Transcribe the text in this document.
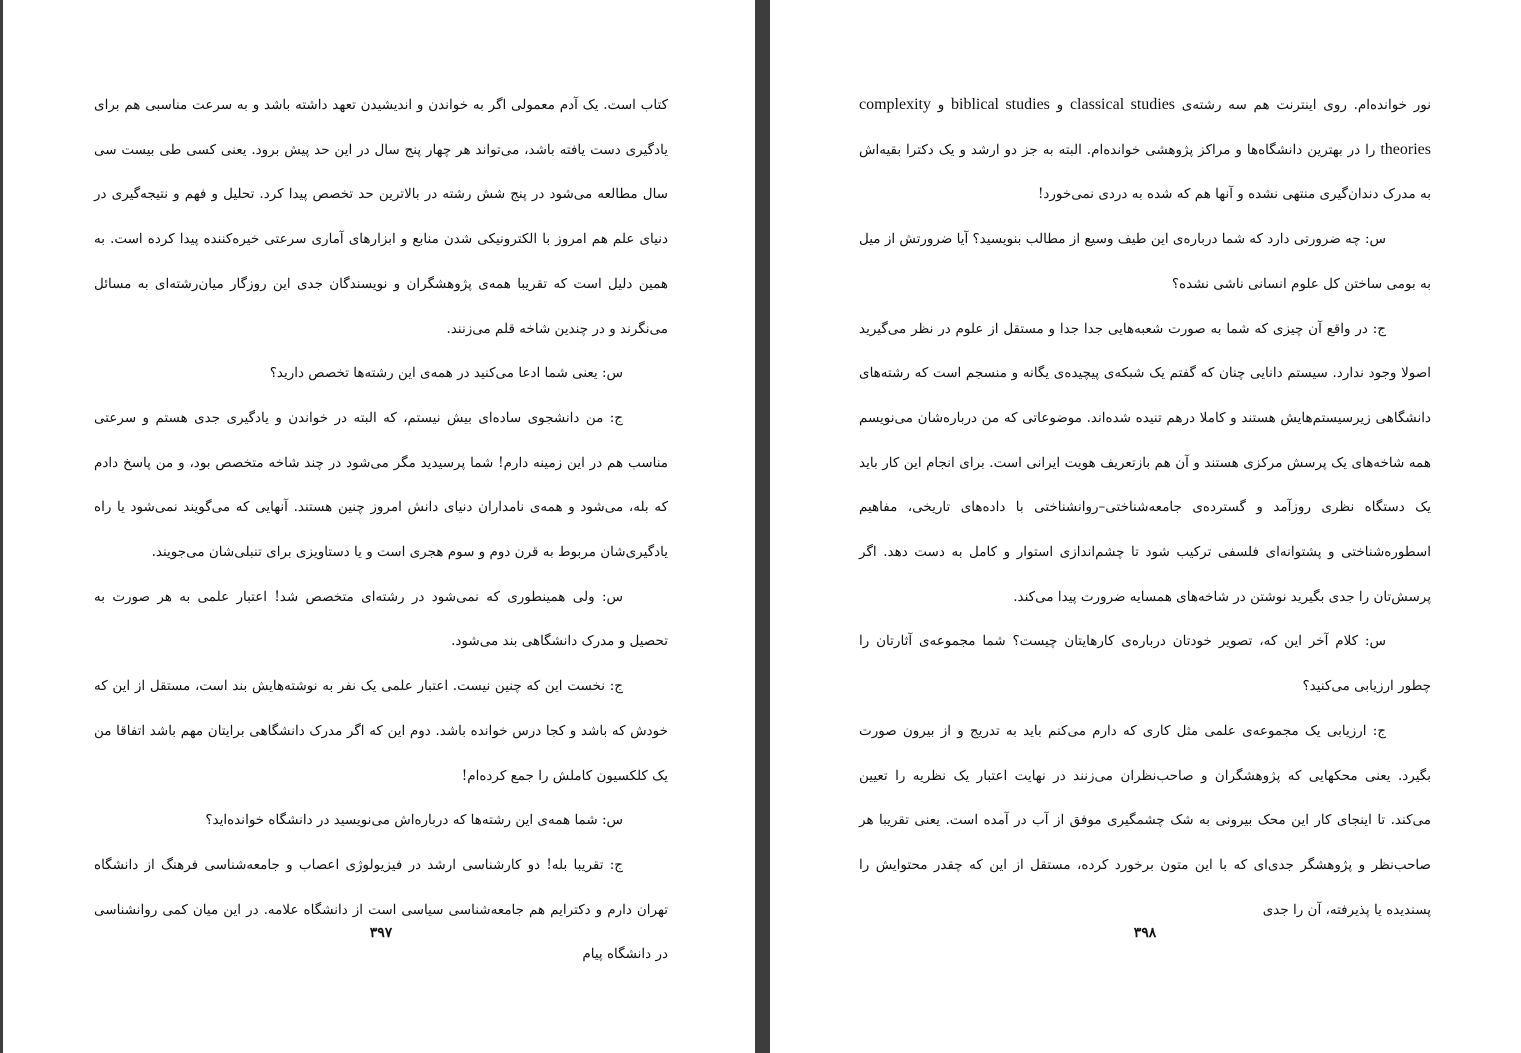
کتاب است. یک آدم معمولی اگر به خواندن و اندیشیدن تعهد داشته باشد و به سرعت مناسبی هم برای یادگیری دست یافته باشد، می‌تواند هر چهار پنج سال در این حد پیش برود. یعنی کسی طی بیست سی سال مطالعه می‌شود در پنج شش رشته در بالاترین حد تخصص پیدا کرد. تحلیل و فهم و نتیجه‌گیری در دنیای علم هم امروز با الکترونیکی شدن منابع و ابزارهای آماری سرعتی خیره‌کننده پیدا کرده است. به همین دلیل است که تقریبا همه‌ی پژوهشگران و نویسندگان جدی این روزگار میان‌رشته‌ای به مسائل می‌نگرند و در چندین شاخه قلم می‌زنند.

س: یعنی شما ادعا می‌کنید در همه‌ی این رشته‌ها تخصص دارید؟

ج: من دانشجوی ساده‌ای بیش نیستم، که البته در خواندن و یادگیری جدی هستم و سرعتی مناسب هم در این زمینه دارم! شما پرسیدید مگر می‌شود در چند شاخه متخصص بود، و من پاسخ دادم که بله، می‌شود و همه‌ی نامداران دنیای دانش امروز چنین هستند. آنهایی که می‌گویند نمی‌شود یا راه یادگیری‌شان مربوط به قرن دوم و سوم هجری است و یا دستاویزی برای تنبلی‌شان می‌جویند.

س: ولی همینطوری که نمی‌شود در رشته‌ای متخصص شد! اعتبار علمی به هر صورت به تحصیل و مدرک دانشگاهی بند می‌شود.

ج: نخست این که چنین نیست. اعتبار علمی یک نفر به نوشته‌هایش بند است، مستقل از این که خودش که باشد و کجا درس خوانده باشد. دوم این که اگر مدرک دانشگاهی برایتان مهم باشد اتفاقا من یک کلکسیون کاملش را جمع کرده‌ام!

س: شما همه‌ی این رشته‌ها که درباره‌اش می‌نویسید در دانشگاه خوانده‌اید؟

ج: تقریبا بله! دو کارشناسی ارشد در فیزیولوژی اعصاب و جامعه‌شناسی فرهنگ از دانشگاه تهران دارم و دکترایم هم جامعه‌شناسی سیاسی است از دانشگاه علامه. در این میان کمی روانشناسی در دانشگاه پیام

۳۹۷

نور خوانده‌ام. روی اینترنت هم سه رشته‌ی classical studies و biblical studies و complexity theories را در بهترین دانشگاه‌ها و مراکز پژوهشی خوانده‌ام. البته به جز دو ارشد و یک دکترا بقیه‌اش به مدرک دندان‌گیری منتهی نشده و آنها هم که شده به دردی نمی‌خورد!

س: چه ضرورتی دارد که شما درباره‌ی این طیف وسیع از مطالب بنویسید؟ آیا ضرورتش از میل به بومی ساختن کل علوم انسانی ناشی نشده؟

ج: در واقع آن چیزی که شما به صورت شعبه‌هایی جدا جدا و مستقل از علوم در نظر می‌گیرید اصولا وجود ندارد. سیستم دانایی چنان که گفتم یک شبکه‌ی پیچیده‌ی یگانه و منسجم است که رشته‌های دانشگاهی زیرسیستم‌هایش هستند و کاملا درهم تنیده شده‌اند. موضوعاتی که من درباره‌شان می‌نویسم همه شاخه‌های یک پرسش مرکزی هستند و آن هم بازتعریف هویت ایرانی است. برای انجام این کار باید یک دستگاه نظری روزآمد و گسترده‌ی جامعه‌شناختی–روانشناختی با داده‌های تاریخی، مفاهیم اسطوره‌شناختی و پشتوانه‌ای فلسفی ترکیب شود تا چشم‌اندازی استوار و کامل به دست دهد. اگر پرسش‌تان را جدی بگیرید نوشتن در شاخه‌های همسایه ضرورت پیدا می‌کند.

س: کلام آخر این که، تصویر خودتان درباره‌ی کارهایتان چیست؟ شما مجموعه‌ی آثارتان را چطور ارزیابی می‌کنید؟

ج: ارزیابی یک مجموعه‌ی علمی مثل کاری که دارم می‌کنم باید به تدریج و از بیرون صورت بگیرد. یعنی محکهایی که پژوهشگران و صاحب‌نظران می‌زنند در نهایت اعتبار یک نظریه را تعیین می‌کند. تا اینجای کار این محک بیرونی به شک چشمگیری موفق از آب در آمده است. یعنی تقریبا هر صاحب‌نظر و پژوهشگر جدی‌ای که با این متون برخورد کرده، مستقل از این که چقدر محتوایش را پسندیده یا پذیرفته، آن را جدی

۳۹۸
